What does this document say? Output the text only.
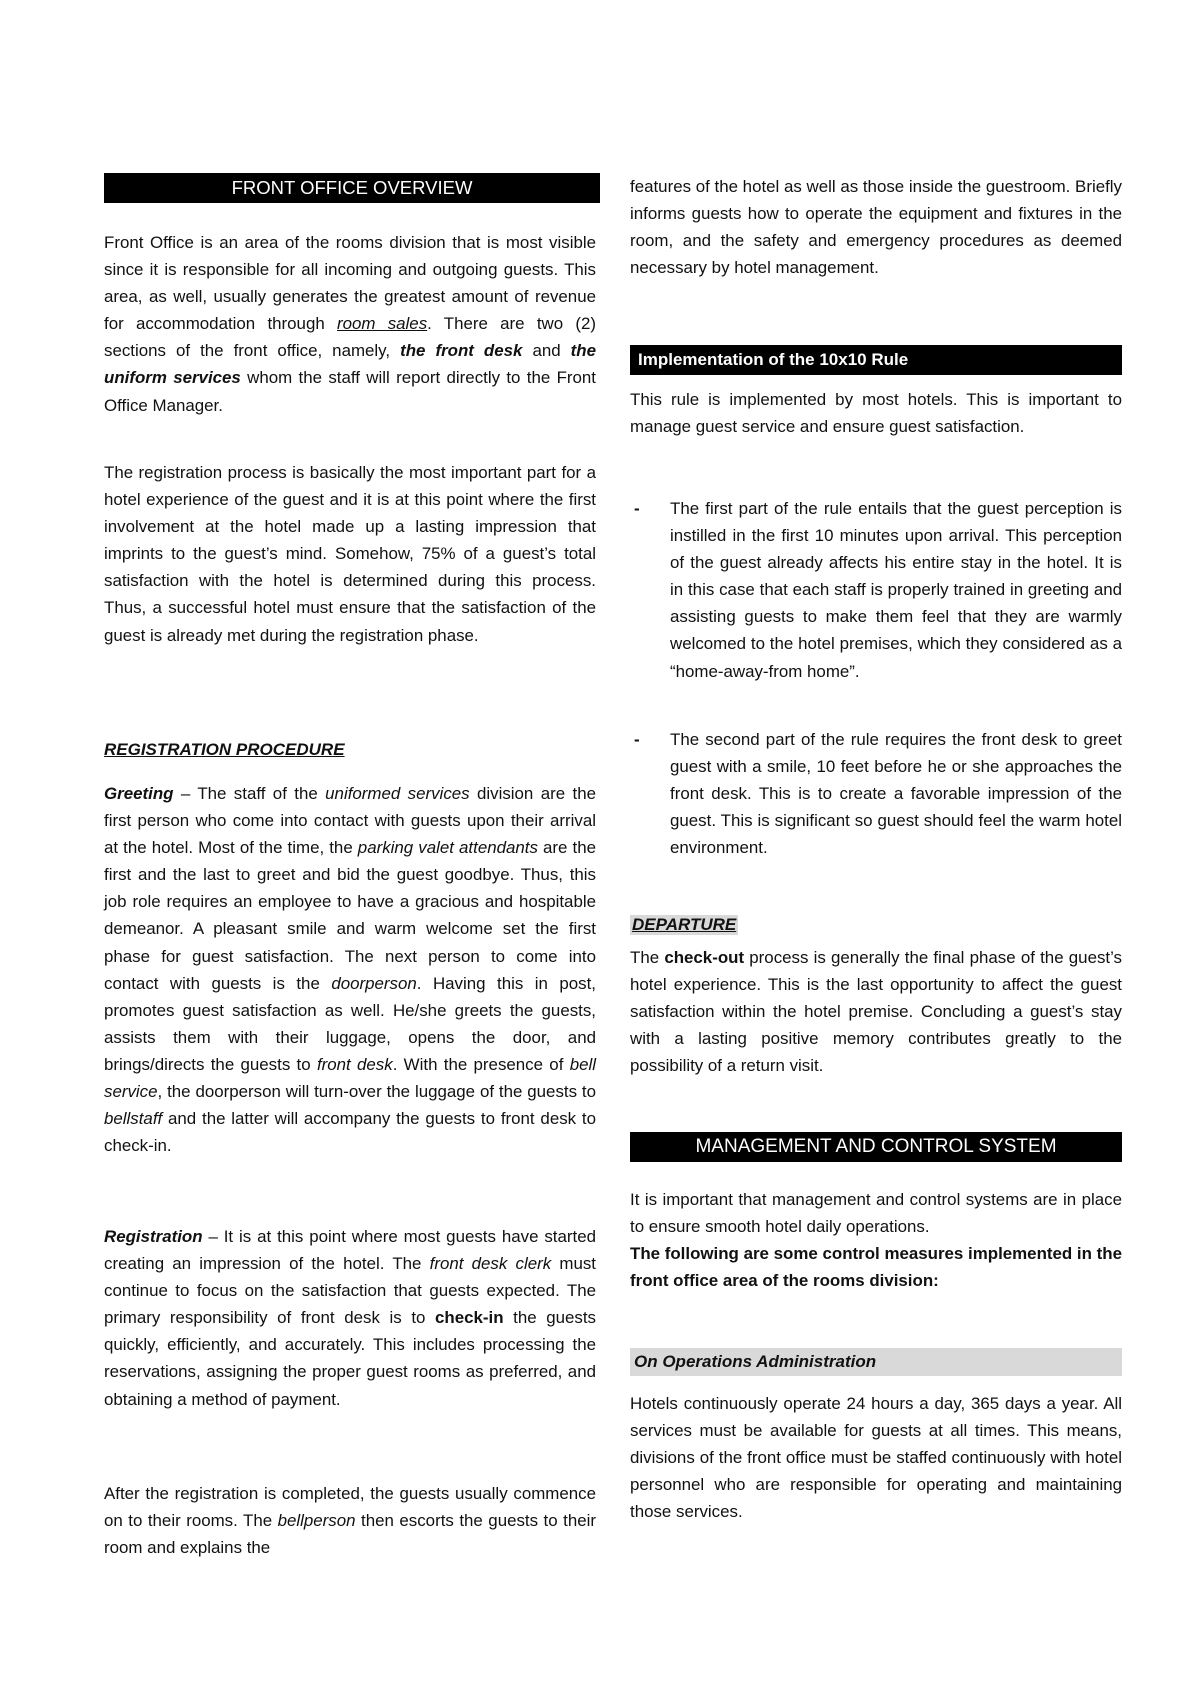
FRONT OFFICE OVERVIEW

Front Office is an area of the rooms division that is most visible since it is responsible for all incoming and outgoing guests. This area, as well, usually generates the greatest amount of revenue for accommodation through room sales. There are two (2) sections of the front office, namely, the front desk and the uniform services whom the staff will report directly to the Front Office Manager.

The registration process is basically the most important part for a hotel experience of the guest and it is at this point where the first involvement at the hotel made up a lasting impression that imprints to the guest’s mind. Somehow, 75% of a guest’s total satisfaction with the hotel is determined during this process. Thus, a successful hotel must ensure that the satisfaction of the guest is already met during the registration phase.

REGISTRATION PROCEDURE

Greeting – The staff of the uniformed services division are the first person who come into contact with guests upon their arrival at the hotel. Most of the time, the parking valet attendants are the first and the last to greet and bid the guest goodbye. Thus, this job role requires an employee to have a gracious and hospitable demeanor. A pleasant smile and warm welcome set the first phase for guest satisfaction. The next person to come into contact with guests is the doorperson. Having this in post, promotes guest satisfaction as well. He/she greets the guests, assists them with their luggage, opens the door, and brings/directs the guests to front desk. With the presence of bell service, the doorperson will turn-over the luggage of the guests to bellstaff and the latter will accompany the guests to front desk to check-in.

Registration – It is at this point where most guests have started creating an impression of the hotel. The front desk clerk must continue to focus on the satisfaction that guests expected. The primary responsibility of front desk is to check-in the guests quickly, efficiently, and accurately. This includes processing the reservations, assigning the proper guest rooms as preferred, and obtaining a method of payment.

After the registration is completed, the guests usually commence on to their rooms. The bellperson then escorts the guests to their room and explains the

features of the hotel as well as those inside the guestroom. Briefly informs guests how to operate the equipment and fixtures in the room, and the safety and emergency procedures as deemed necessary by hotel management.

Implementation of the 10x10 Rule

This rule is implemented by most hotels. This is important to manage guest service and ensure guest satisfaction.

- The first part of the rule entails that the guest perception is instilled in the first 10 minutes upon arrival. This perception of the guest already affects his entire stay in the hotel. It is in this case that each staff is properly trained in greeting and assisting guests to make them feel that they are warmly welcomed to the hotel premises, which they considered as a “home-away-from home”.

- The second part of the rule requires the front desk to greet guest with a smile, 10 feet before he or she approaches the front desk. This is to create a favorable impression of the guest. This is significant so guest should feel the warm hotel environment.

DEPARTURE

The check-out process is generally the final phase of the guest’s hotel experience. This is the last opportunity to affect the guest satisfaction within the hotel premise. Concluding a guest’s stay with a lasting positive memory contributes greatly to the possibility of a return visit.

MANAGEMENT AND CONTROL SYSTEM

It is important that management and control systems are in place to ensure smooth hotel daily operations.

The following are some control measures implemented in the front office area of the rooms division:

On Operations Administration

Hotels continuously operate 24 hours a day, 365 days a year. All services must be available for guests at all times. This means, divisions of the front office must be staffed continuously with hotel personnel who are responsible for operating and maintaining those services.
